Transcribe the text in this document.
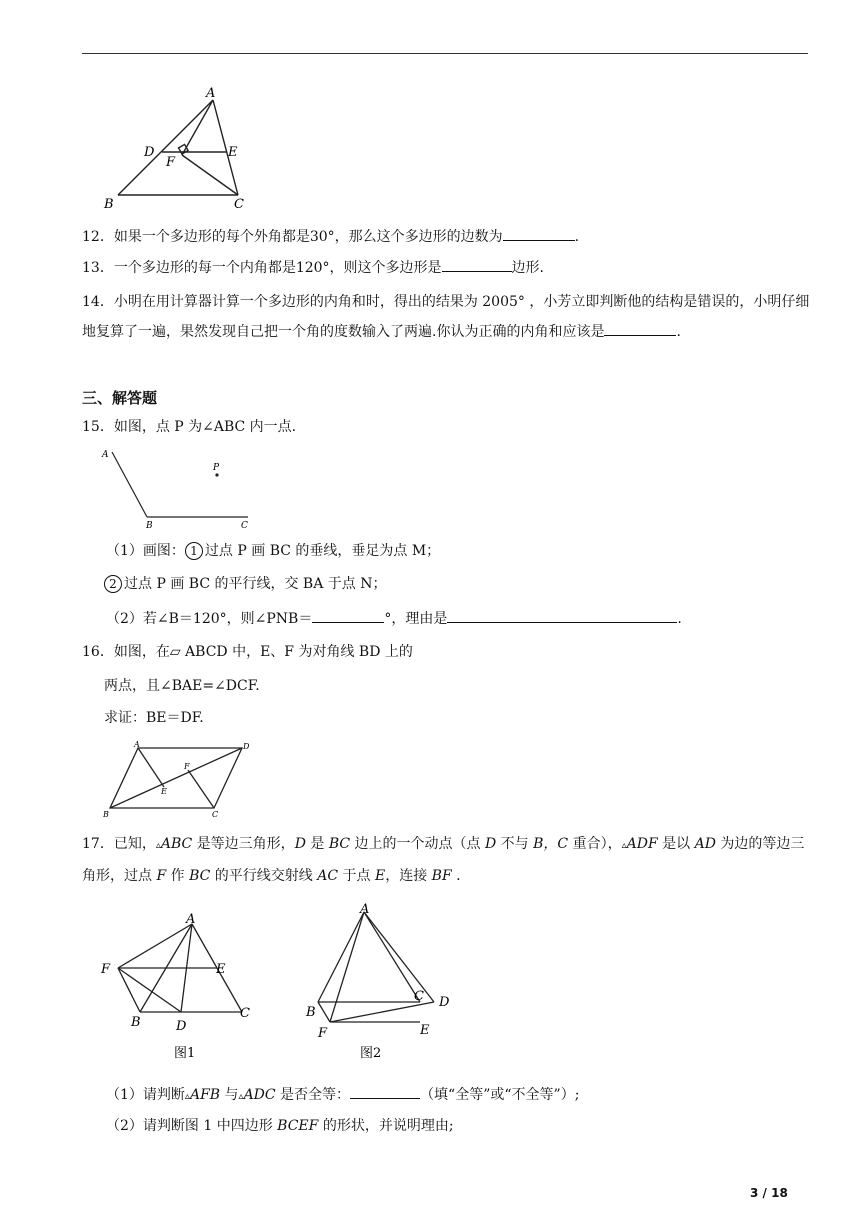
A
D
F
E
B	C
12．如果一个多边形的每个外角都是30°，那么这个多边形的边数为	.
13．一个多边形的每一个内角都是120°，则这个多边形是	边形.
14．小明在用计算器计算一个多边形的内角和时，得出的结果为 2005° ，小芳立即判断他的结构是错误的，小明仔细地复算了一遍，果然发现自己把一个角的度数输入了两遍.你认为正确的内角和应该是	.
三、解答题
15．如图，点 P 为∠ABC 内一点.
A
P
B	C
（1）画图： 1 过点 P 画 BC 的垂线，垂足为点 M；
2 过点 P 画 BC 的平行线，交 BA 于点 N；
（2）若∠B＝120°，则∠PNB＝	°，理由是	.
16．如图，在▱ ABCD 中，E、F 为对角线 BD 上的
两点，且∠BAE=∠DCF.
求证：BE＝DF.
A	D
F
E
B	C
17．已知，▵ABC 是等边三角形，D 是 BC 边上的一个动点（点 D 不与 B，C 重合），▵ADF 是以 AD 为边的等边三角形，过点 F 作 BC 的平行线交射线 AC 于点 E，连接 BF .
A
F	E
B	D
C
图1
A
B
C D
F	E
图2
（1）请判断▵AFB 与▵ADC 是否全等：	（填“全等”或“不全等”）;
（2）请判断图 1 中四边形 BCEF 的形状，并说明理由;
3 / 18
